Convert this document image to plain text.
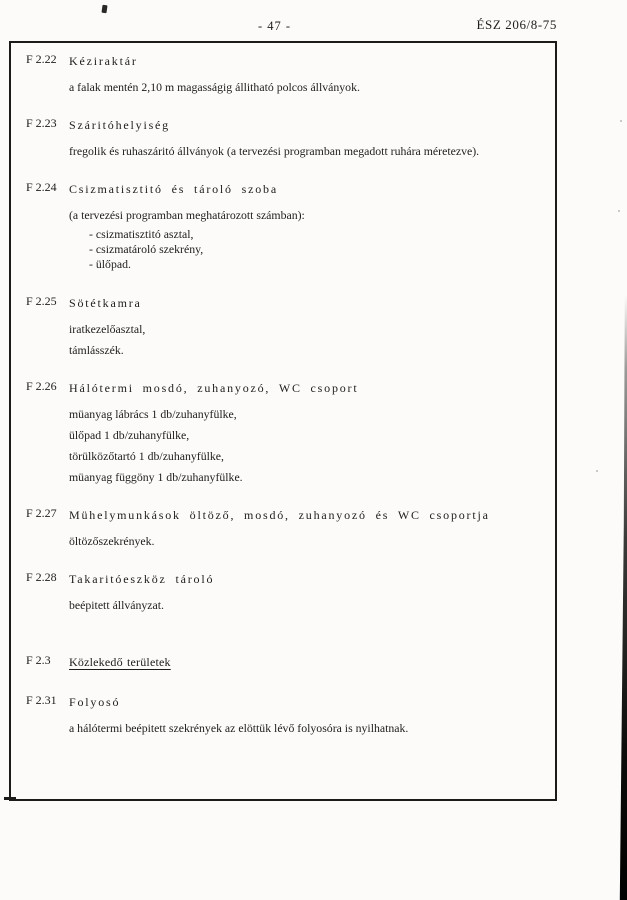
- 47 -	ÉSZ 206/8-75
F 2.22 Kéziraktár

a falak mentén 2,10 m magasságig állitható polcos állványok.

F 2.23 Száritóhelyiség

fregolik és ruhaszáritó állványok (a tervezési programban megadott ruhára méretezve).

F 2.24 Csizmatisztitó és tároló szoba

(a tervezési programban meghatározott számban):

- csizmatisztitó asztal,
- csizmatároló szekrény,
- ülőpad.
F 2.25 Sötétkamra

iratkezelőasztal,

támlásszék.

F 2.26 Hálótermi mosdó, zuhanyozó, WC csoport

müanyag lábrács 1 db/zuhanyfülke,

ülőpad 1 db/zuhanyfülke,

törülközőtartó 1 db/zuhanyfülke,

müanyag függöny 1 db/zuhanyfülke.

F 2.27 Mühelymunkások öltöző, mosdó, zuhanyozó és WC csoportja

öltözőszekrények.

F 2.28 Takaritóeszköz tároló

beépitett állványzat.

F 2.3 Közlekedő területek
F 2.31 Folyosó

a hálótermi beépitett szekrények az elöttük lévő folyosóra is nyilhatnak.
